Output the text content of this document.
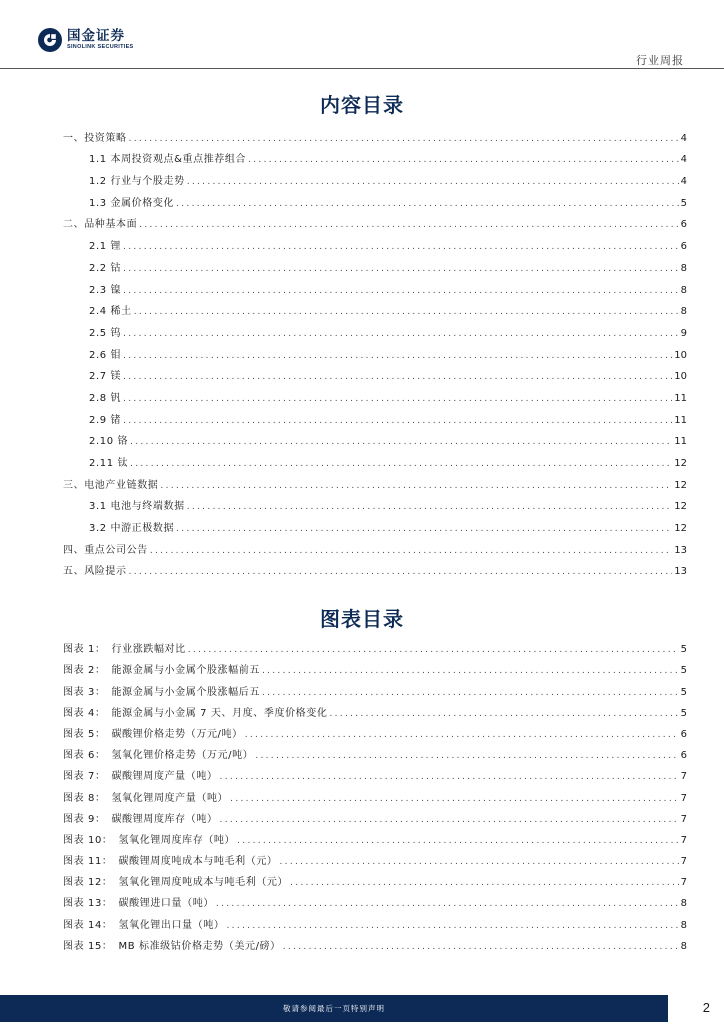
国金证券
SINOLINK SECURITIES
行业周报
内容目录
一、投资策略 .....	4
1.1 本周投资观点&重点推荐组合 .....	4
1.2 行业与个股走势 .....	4
1.3 金属价格变化 .....	5
二、品种基本面 .....	6
2.1 锂 .....	6
2.2 钴 .....	8
2.3 镍 .....	8
2.4 稀土 .....	8
2.5 钨 .....	9
2.6 钼 .....	10
2.7 镁 .....	10
2.8 钒 .....	11
2.9 锗 .....	11
2.10 铬 .....	11
2.11 钛 .....	12
三、电池产业链数据 .....	12
3.1 电池与终端数据 .....	12
3.2 中游正极数据 .....	12
四、重点公司公告 .....	13
五、风险提示 .....	13
图表目录
图表 1： 行业涨跌幅对比 .....	5
图表 2： 能源金属与小金属个股涨幅前五 .....	5
图表 3： 能源金属与小金属个股涨幅后五 .....	5
图表 4： 能源金属与小金属 7 天、月度、季度价格变化 .....	5
图表 5： 碳酸锂价格走势（万元/吨） .....	6
图表 6： 氢氧化锂价格走势（万元/吨） .....	6
图表 7： 碳酸锂周度产量（吨） .....	7
图表 8： 氢氧化锂周度产量（吨） .....	7
图表 9： 碳酸锂周度库存（吨） .....	7
图表 10： 氢氧化锂周度库存（吨） .....	7
图表 11： 碳酸锂周度吨成本与吨毛利（元） .....	7
图表 12： 氢氧化锂周度吨成本与吨毛利（元） .....	7
图表 13： 碳酸锂进口量（吨） .....	8
图表 14： 氢氧化锂出口量（吨） .....	8
图表 15： MB 标准级钴价格走势（美元/磅） .....	8
敬请参阅最后一页特别声明	2
